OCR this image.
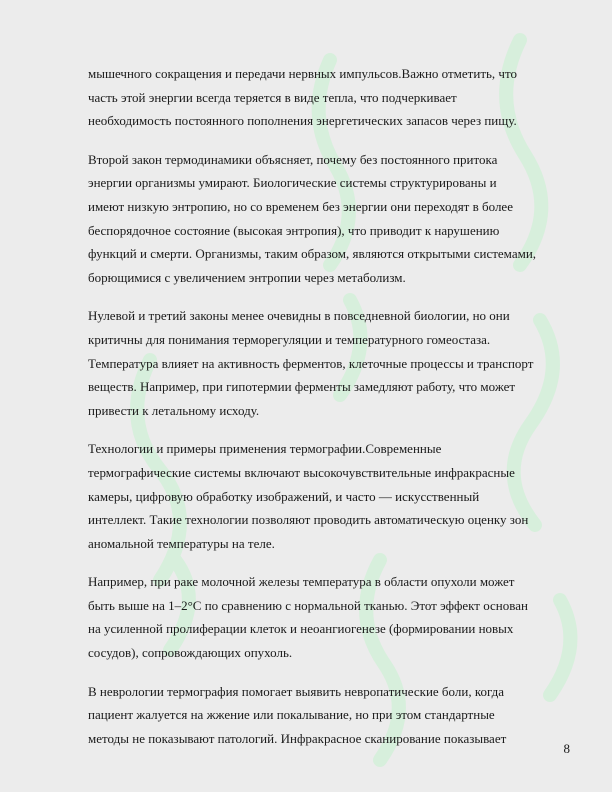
мышечного сокращения и передачи нервных импульсов.Важно отметить, что
часть этой энергии всегда теряется в виде тепла, что подчеркивает
необходимость постоянного пополнения энергетических запасов через пищу.

Второй закон термодинамики объясняет, почему без постоянного притока
энергии организмы умирают. Биологические системы структурированы и
имеют низкую энтропию, но со временем без энергии они переходят в более
беспорядочное состояние (высокая энтропия), что приводит к нарушению
функций и смерти. Организмы, таким образом, являются открытыми системами,
борющимися с увеличением энтропии через метаболизм.

Нулевой и третий законы менее очевидны в повседневной биологии, но они
критичны для понимания терморегуляции и температурного гомеостаза.
Температура влияет на активность ферментов, клеточные процессы и транспорт
веществ. Например, при гипотермии ферменты замедляют работу, что может
привести к летальному исходу.

Технологии и примеры применения термографии.Современные
термографические системы включают высокочувствительные инфракрасные
камеры, цифровую обработку изображений, и часто — искусственный
интеллект. Такие технологии позволяют проводить автоматическую оценку зон
аномальной температуры на теле.

Например, при раке молочной железы температура в области опухоли может
быть выше на 1–2°C по сравнению с нормальной тканью. Этот эффект основан
на усиленной пролиферации клеток и неоангиогенезе (формировании новых
сосудов), сопровождающих опухоль.

В неврологии термография помогает выявить невропатические боли, когда
пациент жалуется на жжение или покалывание, но при этом стандартные
методы не показывают патологий. Инфракрасное сканирование показывает

8
